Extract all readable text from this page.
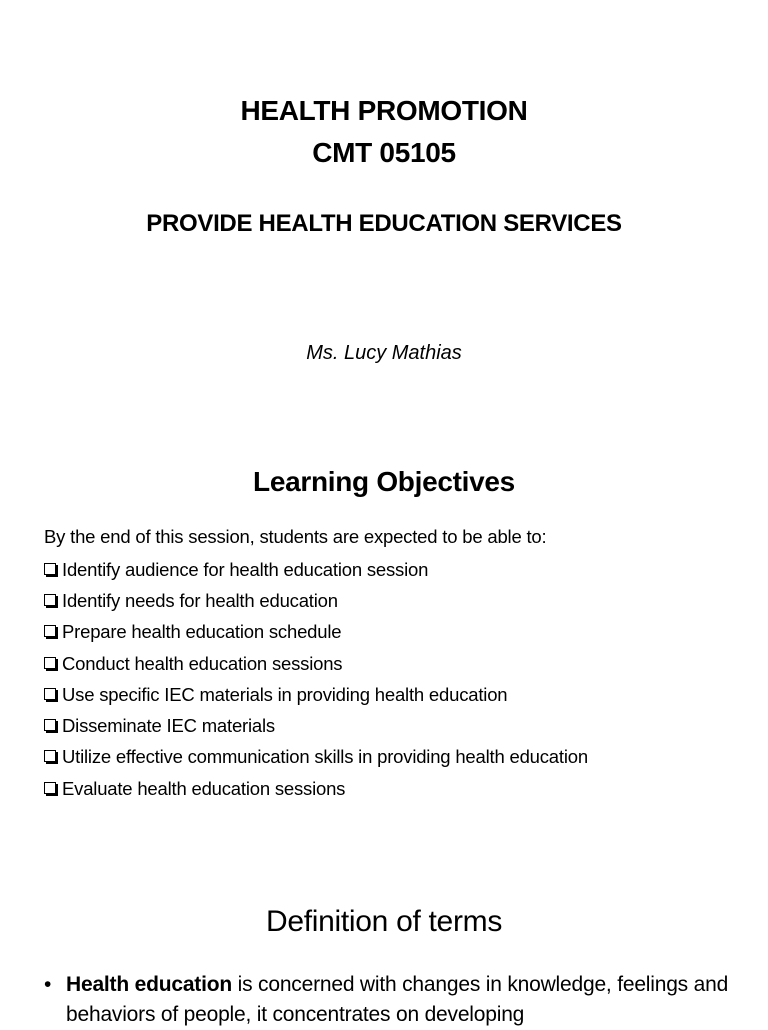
HEALTH PROMOTION
CMT 05105
PROVIDE HEALTH EDUCATION SERVICES

Ms. Lucy Mathias

Learning Objectives

By the end of this session, students are expected to be able to:

Identify audience for health education session
Identify needs for health education
Prepare health education schedule
Conduct health education sessions
Use specific IEC materials in providing health education
Disseminate IEC materials
Utilize effective communication skills in providing health education
Evaluate health education sessions
Definition of terms

• Health education is concerned with changes in knowledge, feelings and behaviors of people, it concentrates on developing
